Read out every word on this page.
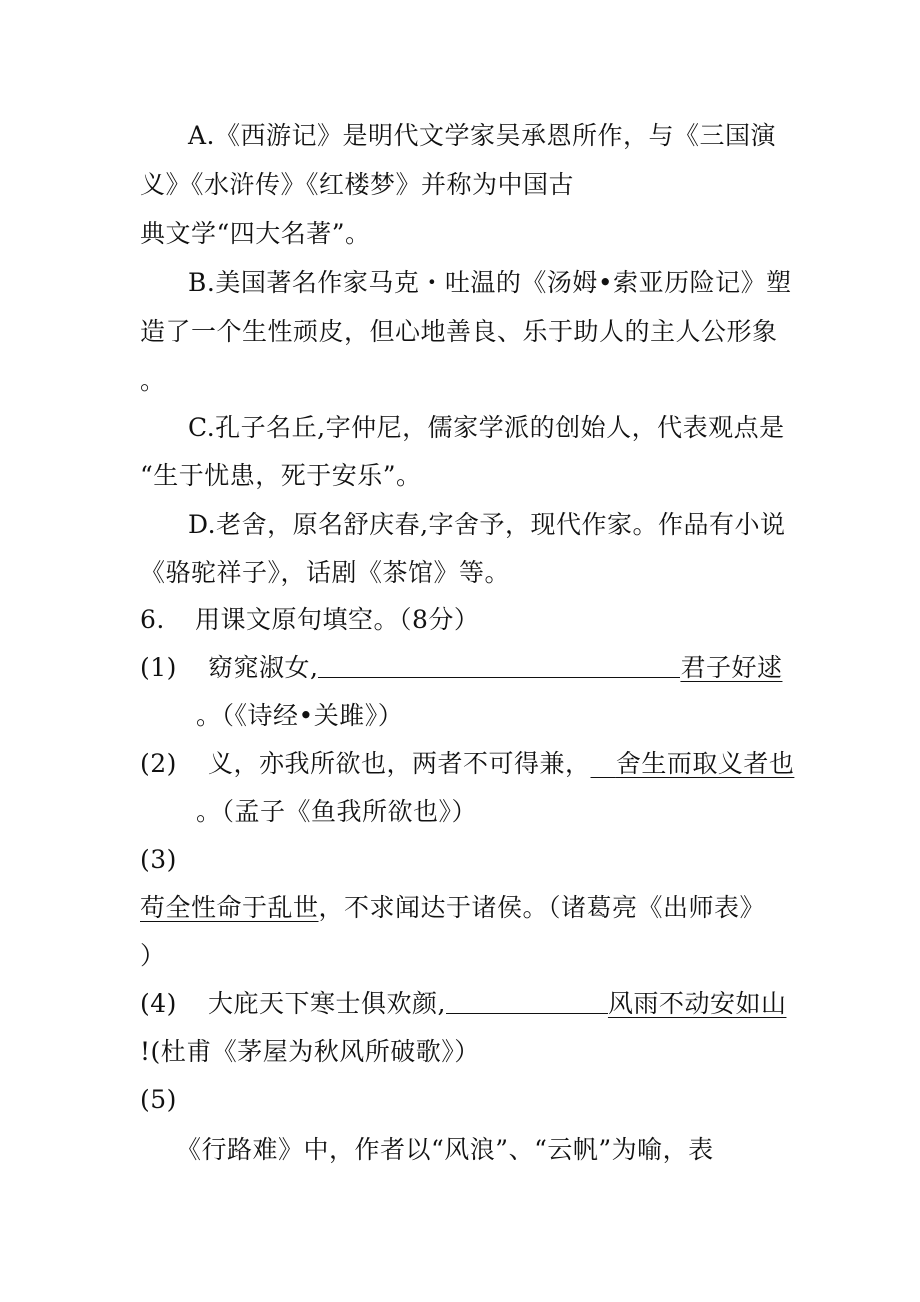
A.《西游记》是明代文学家吴承恩所作，与《三国演
义》《水浒传》《红楼梦》并称为中国古
典文学“四大名著”。
B.美国著名作家马克・吐温的《汤姆•索亚历险记》塑
造了一个生性顽皮，但心地善良、乐于助人的主人公形象
。
C.孔子名丘,字仲尼，儒家学派的创始人，代表观点是
“生于忧患，死于安乐”。
D.老舍，原名舒庆春,字舍予，现代作家。作品有小说
《骆驼祥子》，话剧《茶馆》等。
6. 用课文原句填空。（8分）
(1) 窈窕淑女,	君子好逑
。（《诗经•关雎》）
(2) 义，亦我所欲也，两者不可得兼， 舍生而取义者也
。（孟子《鱼我所欲也》）
(3)
苟全性命于乱世，不求闻达于诸侯。（诸葛亮《出师表》
）
(4) 大庇天下寒士俱欢颜,	风雨不动安如山
!(杜甫《茅屋为秋风所破歌》）
(5)
《行路难》中，作者以“风浪”、“云帆”为喻，表
